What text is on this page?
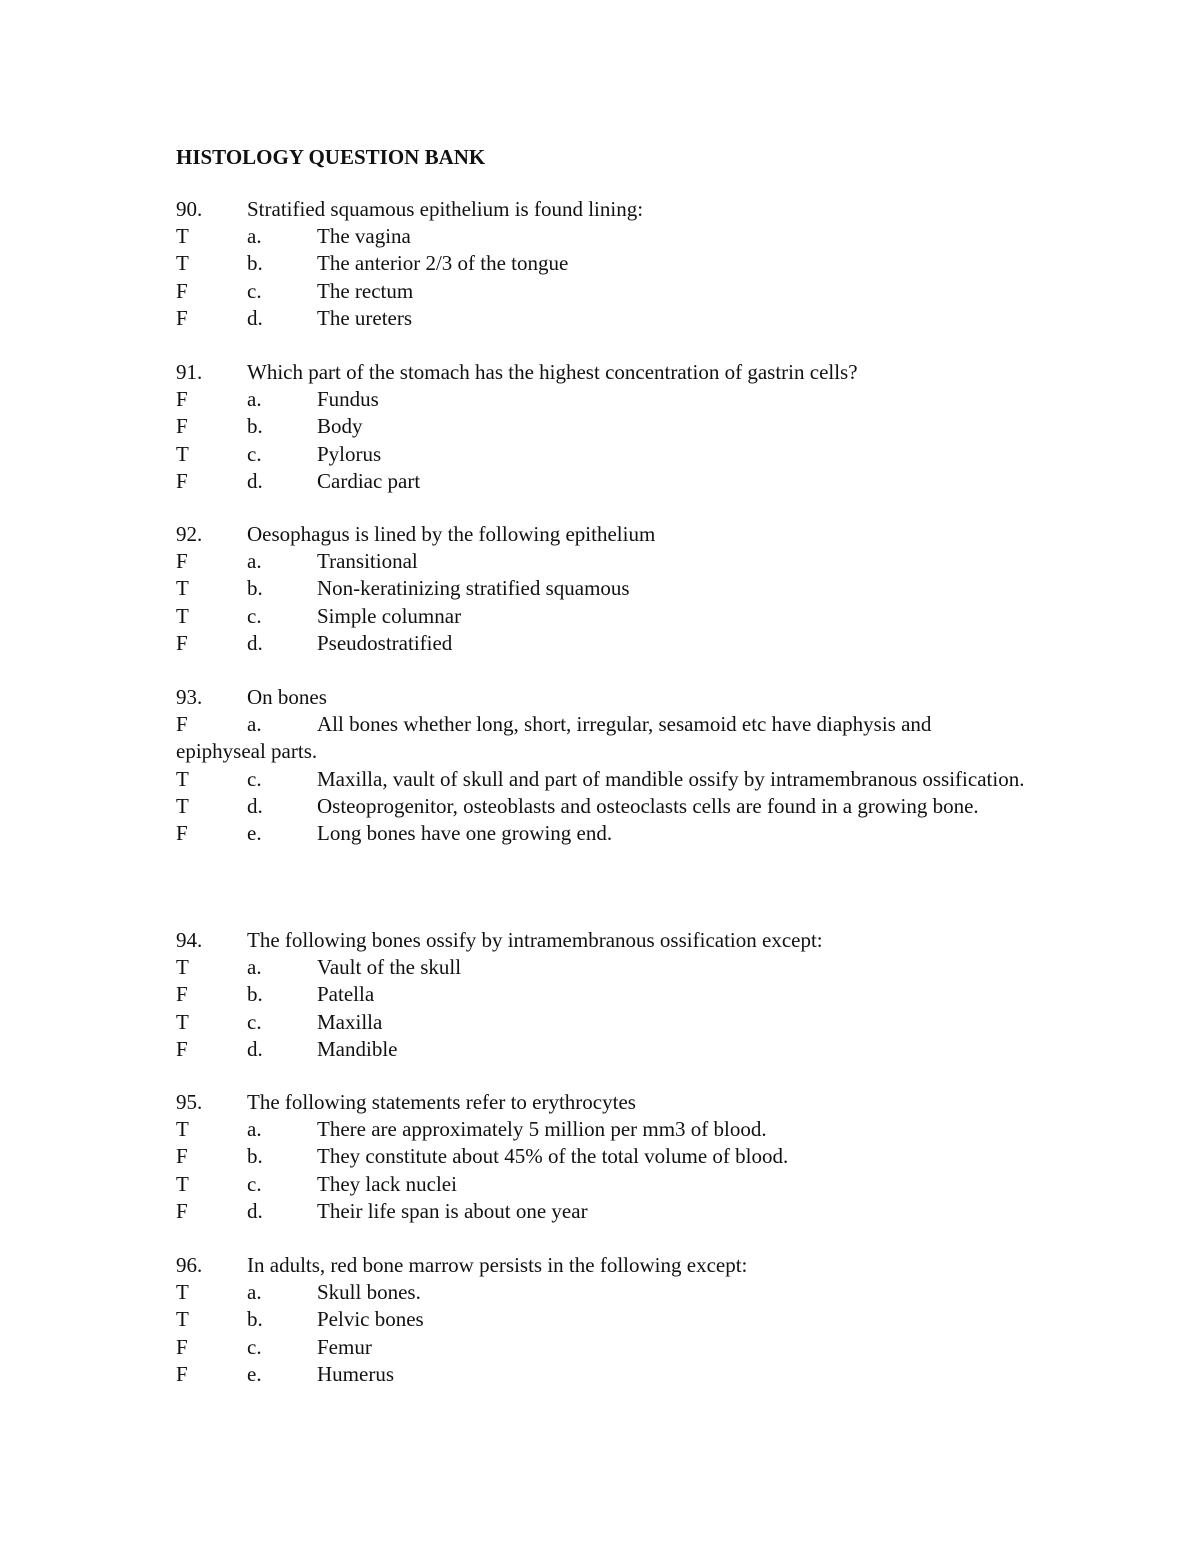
HISTOLOGY QUESTION BANK
90. Stratified squamous epithelium is found lining:
T	a.	The vagina
T	b.	The anterior 2/3 of the tongue
F	c.	The rectum
F	d.	The ureters
91. Which part of the stomach has the highest concentration of gastrin cells?
F	a.	Fundus
F	b.	Body
T	c.	Pylorus
F	d.	Cardiac part
92. Oesophagus is lined by the following epithelium
F	a.	Transitional
T	b.	Non-keratinizing stratified squamous
T	c.	Simple columnar
F	d.	Pseudostratified
93. On bones
F	a.	All bones whether long, short, irregular, sesamoid etc have diaphysis and epiphyseal parts.
T	c.	Maxilla, vault of skull and part of mandible ossify by intramembranous ossification.
T	d.	Osteoprogenitor, osteoblasts and osteoclasts cells are found in a growing bone.
F	e.	Long bones have one growing end.
94. The following bones ossify by intramembranous ossification except:
T	a.	Vault of the skull
F	b.	Patella
T	c.	Maxilla
F	d.	Mandible
95. The following statements refer to erythrocytes
T	a.	There are approximately 5 million per mm3 of blood.
F	b.	They constitute about 45% of the total volume of blood.
T	c.	They lack nuclei
F	d.	Their life span is about one year
96. In adults, red bone marrow persists in the following except:
T	a.	Skull bones.
T	b.	Pelvic bones
F	c.	Femur
F	e.	Humerus
